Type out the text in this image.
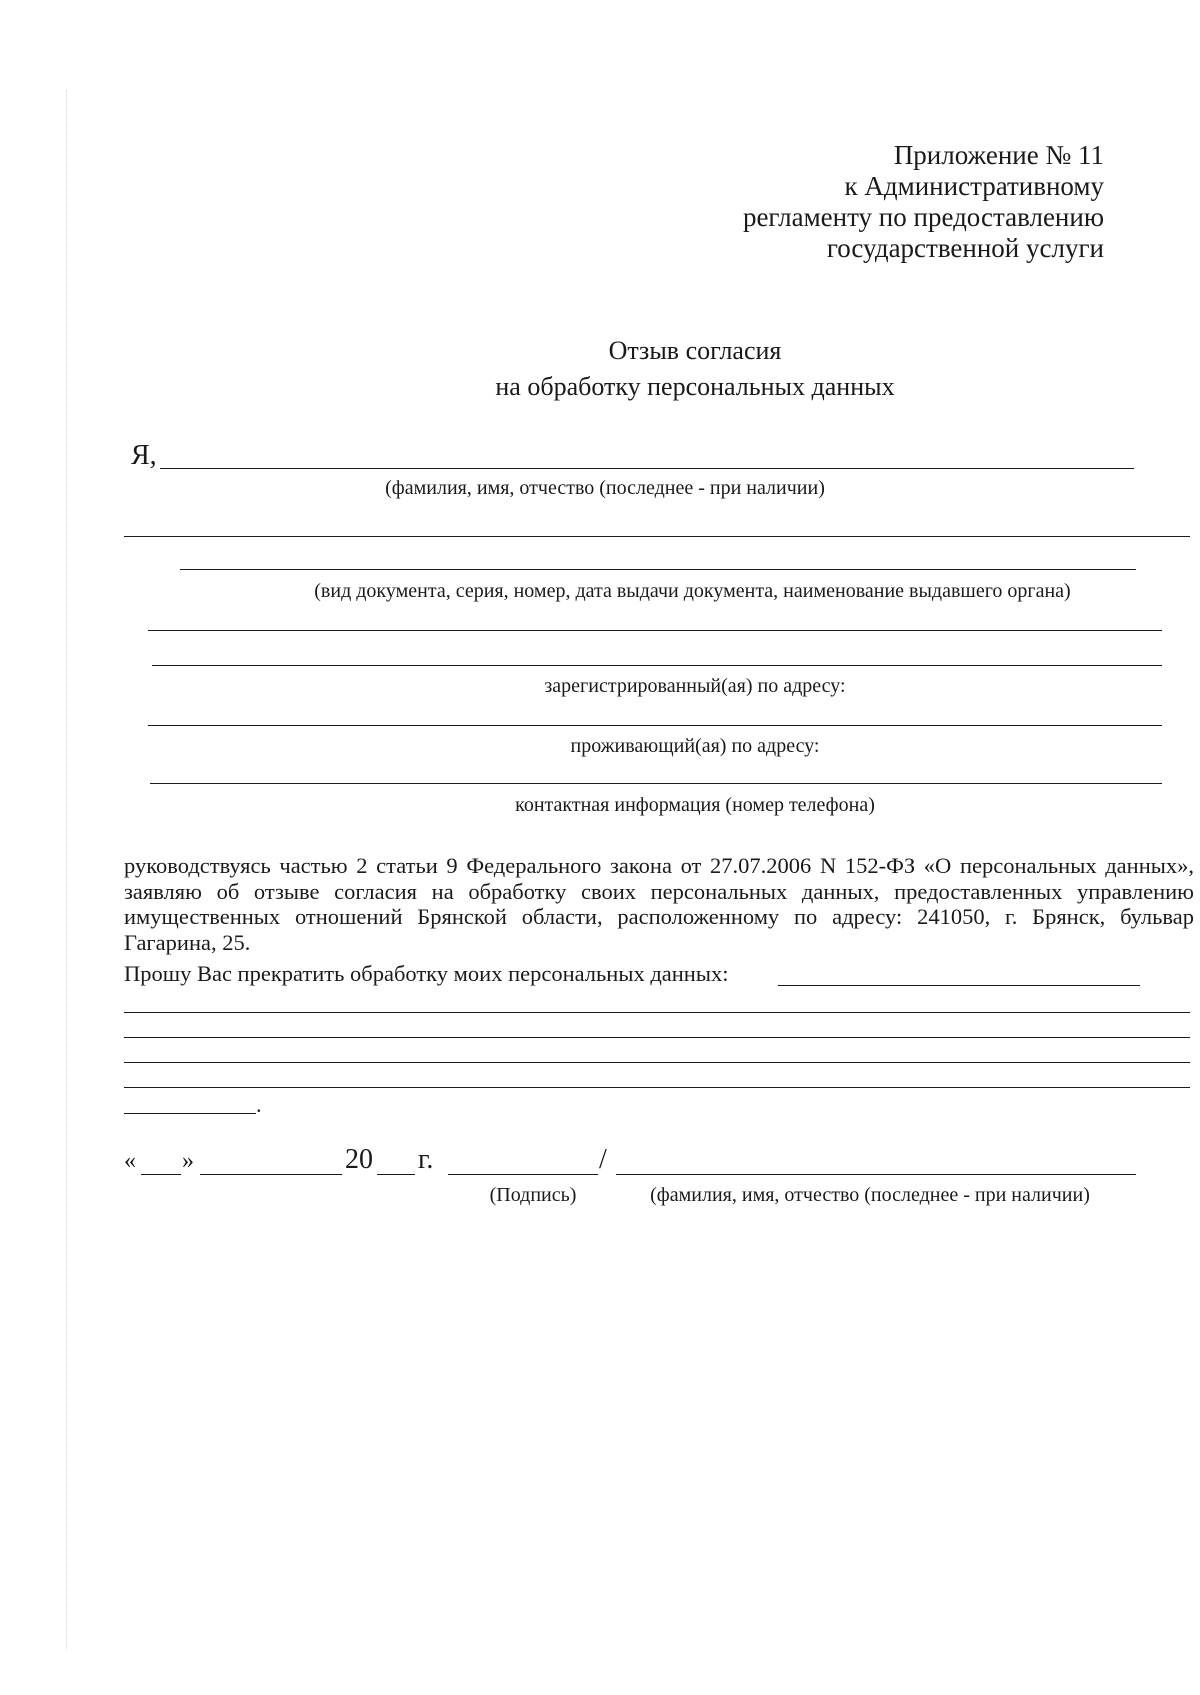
Приложение № 11
к Административному
регламенту по предоставлению
государственной услуги
Отзыв согласия
на обработку персональных данных
Я,
(фамилия, имя, отчество (последнее - при наличии)
(вид документа, серия, номер, дата выдачи документа, наименование выдавшего органа)
зарегистрированный(ая) по адресу:
проживающий(ая) по адресу:
контактная информация (номер телефона)
руководствуясь частью 2 статьи 9 Федерального закона от 27.07.2006 N 152-ФЗ «О персональных данных», заявляю об отзыве согласия на обработку своих персональных данных, предоставленных управлению имущественных отношений Брянской области, расположенному по адресу: 241050, г. Брянск, бульвар Гагарина, 25.
Прошу Вас прекратить обработку моих персональных данных:
.
« »	20 г.	/
(Подпись)	(фамилия, имя, отчество (последнее - при наличии)
